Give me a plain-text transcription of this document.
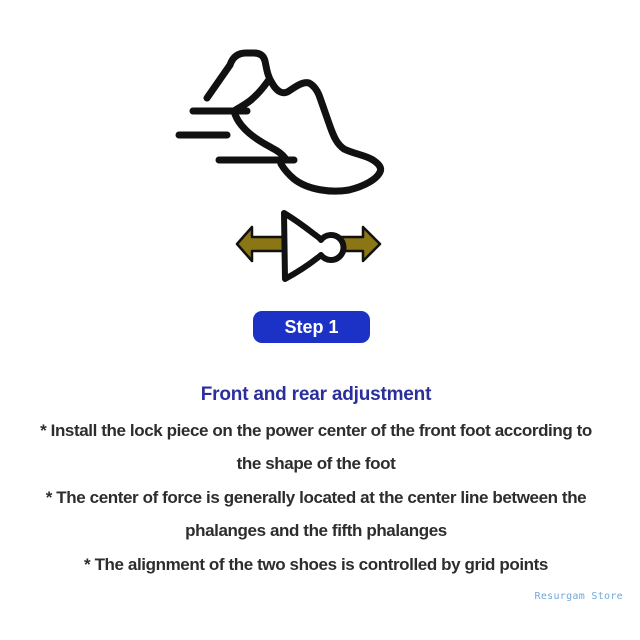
Step 1
Front and rear adjustment
* Install the lock piece on the power center of the front foot according to
the shape of the foot
* The center of force is generally located at the center line between the
phalanges and the fifth phalanges
* The alignment of the two shoes is controlled by grid points
Resurgam Store
